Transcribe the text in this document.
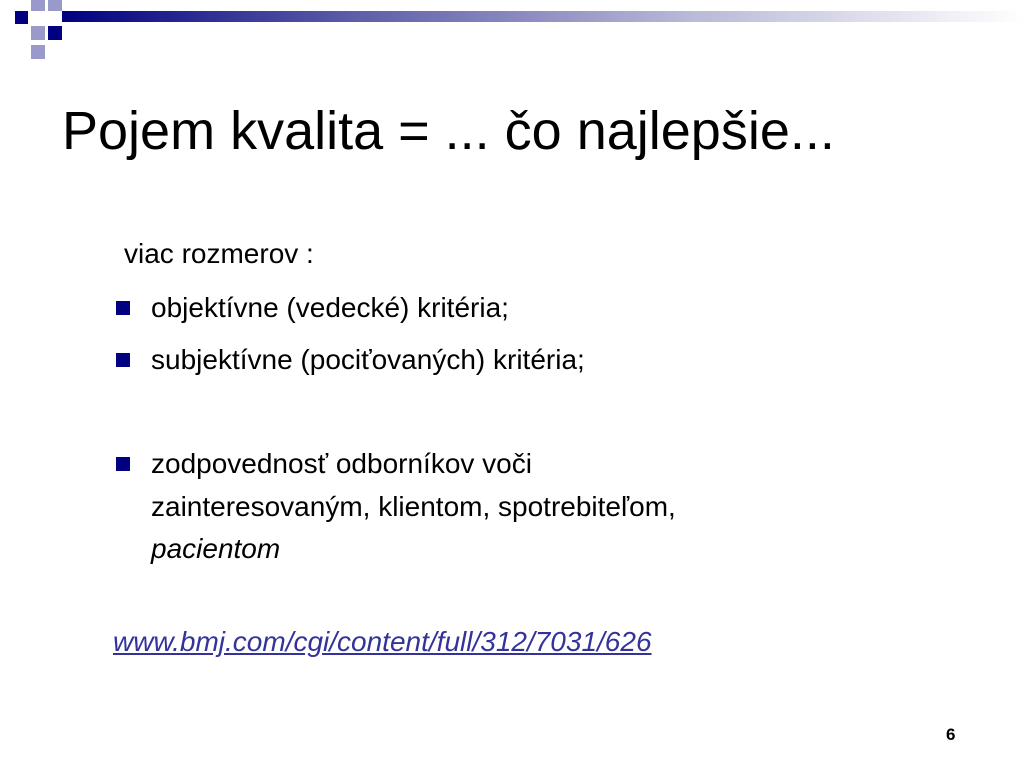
Pojem kvalita = ... čo najlepšie...
viac rozmerov :
objektívne (vedecké) kritéria;
subjektívne (pociťovaných) kritéria;
zodpovednosť odborníkov voči
zainteresovaným, klientom, spotrebiteľom,
pacientom
www.bmj.com/cgi/content/full/312/7031/626
6
